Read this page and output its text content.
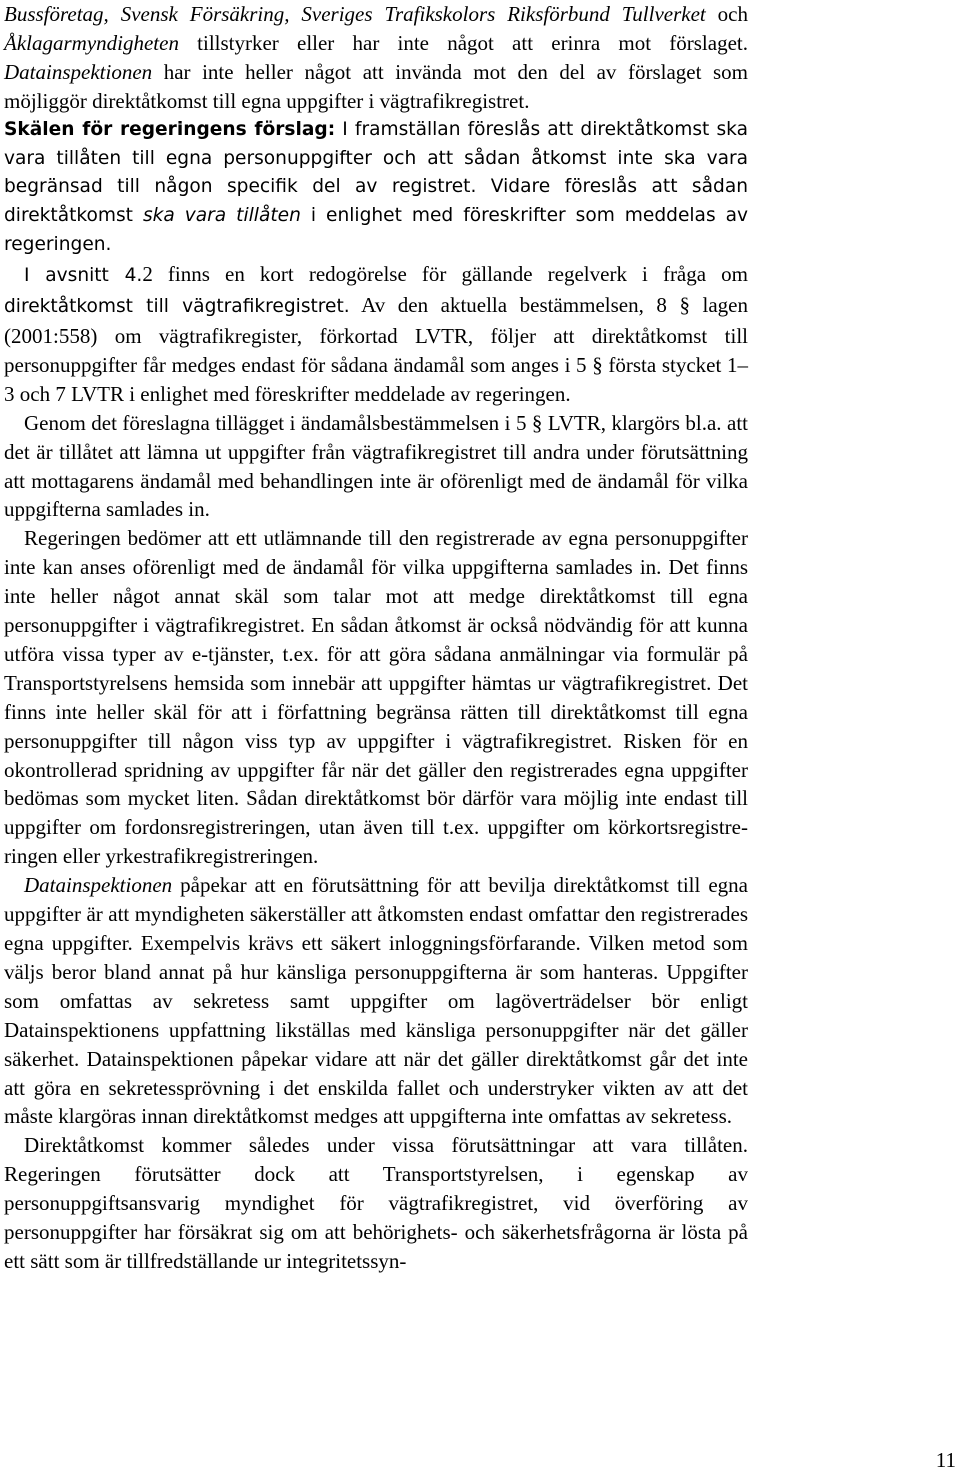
Bussföretag, Svensk Försäkring, Sveriges Trafikskolors Riksförbund Tullverket och Åklagarmyndigheten tillstyrker eller har inte något att erinra mot förslaget. Datainspektionen har inte heller något att invända mot den del av förslaget som möjliggör direktåtkomst till egna uppgifter i vägtrafikregistret.

Skälen för regeringens förslag: I framställan föreslås att direktåtkomst ska vara tillåten till egna personuppgifter och att sådan åtkomst inte ska vara begränsad till någon specifik del av registret. Vidare föreslås att sådan direktåtkomst ska vara tillåten i enlighet med föreskrifter som meddelas av regeringen.

I avsnitt 4.2 finns en kort redogörelse för gällande regelverk i fråga om direktåtkomst till vägtrafikregistret. Av den aktuella bestämmelsen, 8 § lagen (2001:558) om vägtrafikregister, förkortad LVTR, följer att direktåtkomst till personuppgifter får medges endast för sådana ändamål som anges i 5 § första stycket 1–3 och 7 LVTR i enlighet med föreskrifter meddelade av regeringen.

Genom det föreslagna tillägget i ändamålsbestämmelsen i 5 § LVTR, klargörs bl.a. att det är tillåtet att lämna ut uppgifter från vägtrafikregistret till andra under förutsättning att mottagarens ändamål med behandlingen inte är oförenligt med de ändamål för vilka uppgifterna samlades in.

Regeringen bedömer att ett utlämnande till den registrerade av egna personuppgifter inte kan anses oförenligt med de ändamål för vilka uppgifterna samlades in. Det finns inte heller något annat skäl som talar mot att medge direktåtkomst till egna personuppgifter i vägtrafikregistret. En sådan åtkomst är också nödvändig för att kunna utföra vissa typer av e-tjänster, t.ex. för att göra sådana anmälningar via formulär på Transportstyrelsens hemsida som innebär att uppgifter hämtas ur vägtrafikregistret. Det finns inte heller skäl för att i författning begränsa rätten till direktåtkomst till egna personuppgifter till någon viss typ av uppgifter i vägtrafikregistret. Risken för en okontrollerad spridning av uppgifter får när det gäller den registrerades egna uppgifter bedömas som mycket liten. Sådan direktåtkomst bör därför vara möjlig inte endast till uppgifter om fordonsregistreringen, utan även till t.ex. uppgifter om körkortsregistreringen eller yrkestrafikregistreringen.

Datainspektionen påpekar att en förutsättning för att bevilja direktåtkomst till egna uppgifter är att myndigheten säkerställer att åtkomsten endast omfattar den registrerades egna uppgifter. Exempelvis krävs ett säkert inloggningsförfarande. Vilken metod som väljs beror bland annat på hur känsliga personuppgifterna är som hanteras. Uppgifter som omfattas av sekretess samt uppgifter om lagöverträdelser bör enligt Datainspektionens uppfattning likställas med känsliga personuppgifter när det gäller säkerhet. Datainspektionen påpekar vidare att när det gäller direktåtkomst går det inte att göra en sekretessprövning i det enskilda fallet och understryker vikten av att det måste klargöras innan direktåtkomst medges att uppgifterna inte omfattas av sekretess.

Direktåtkomst kommer således under vissa förutsättningar att vara tillåten. Regeringen förutsätter dock att Transportstyrelsen, i egenskap av personuppgiftsansvarig myndighet för vägtrafikregistret, vid överföring av personuppgifter har försäkrat sig om att behörighets- och säkerhetsfrågorna är lösta på ett sätt som är tillfredställande ur integritetssyn-

11
